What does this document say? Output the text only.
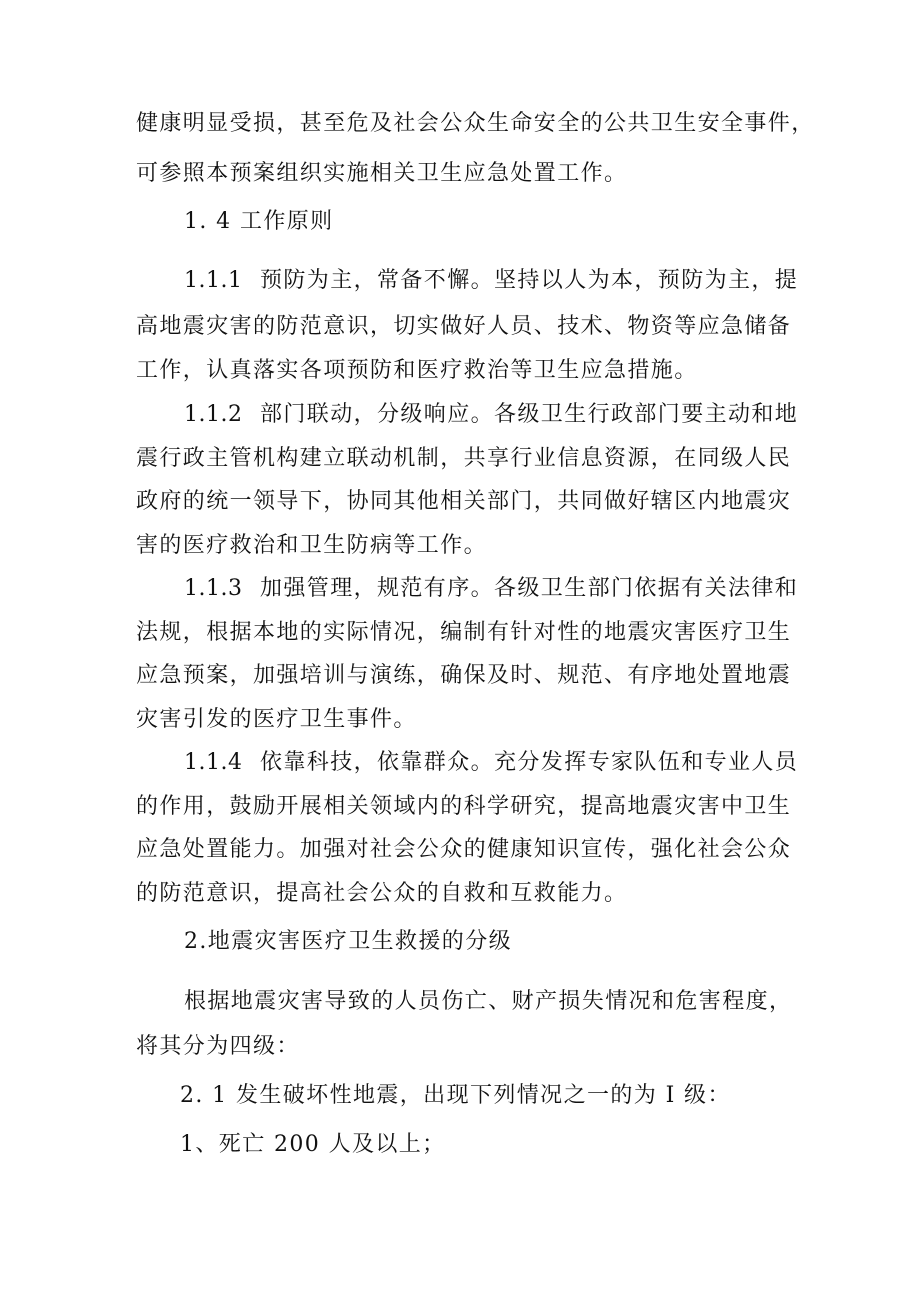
健康明显受损，甚至危及社会公众生命安全的公共卫生安全事件，
可参照本预案组织实施相关卫生应急处置工作。
1. 4 工作原则
1.1.1 预防为主，常备不懈。坚持以人为本，预防为主，提
高地震灾害的防范意识，切实做好人员、技术、物资等应急储备
工作，认真落实各项预防和医疗救治等卫生应急措施。
1.1.2 部门联动，分级响应。各级卫生行政部门要主动和地
震行政主管机构建立联动机制，共享行业信息资源，在同级人民
政府的统一领导下，协同其他相关部门，共同做好辖区内地震灾
害的医疗救治和卫生防病等工作。
1.1.3 加强管理，规范有序。各级卫生部门依据有关法律和
法规，根据本地的实际情况，编制有针对性的地震灾害医疗卫生
应急预案，加强培训与演练，确保及时、规范、有序地处置地震
灾害引发的医疗卫生事件。
1.1.4 依靠科技，依靠群众。充分发挥专家队伍和专业人员
的作用，鼓励开展相关领域内的科学研究，提高地震灾害中卫生
应急处置能力。加强对社会公众的健康知识宣传，强化社会公众
的防范意识，提高社会公众的自救和互救能力。
2.地震灾害医疗卫生救援的分级
根据地震灾害导致的人员伤亡、财产损失情况和危害程度，
将其分为四级：
2. 1 发生破坏性地震，出现下列情况之一的为 I 级：
1、死亡 200 人及以上；
